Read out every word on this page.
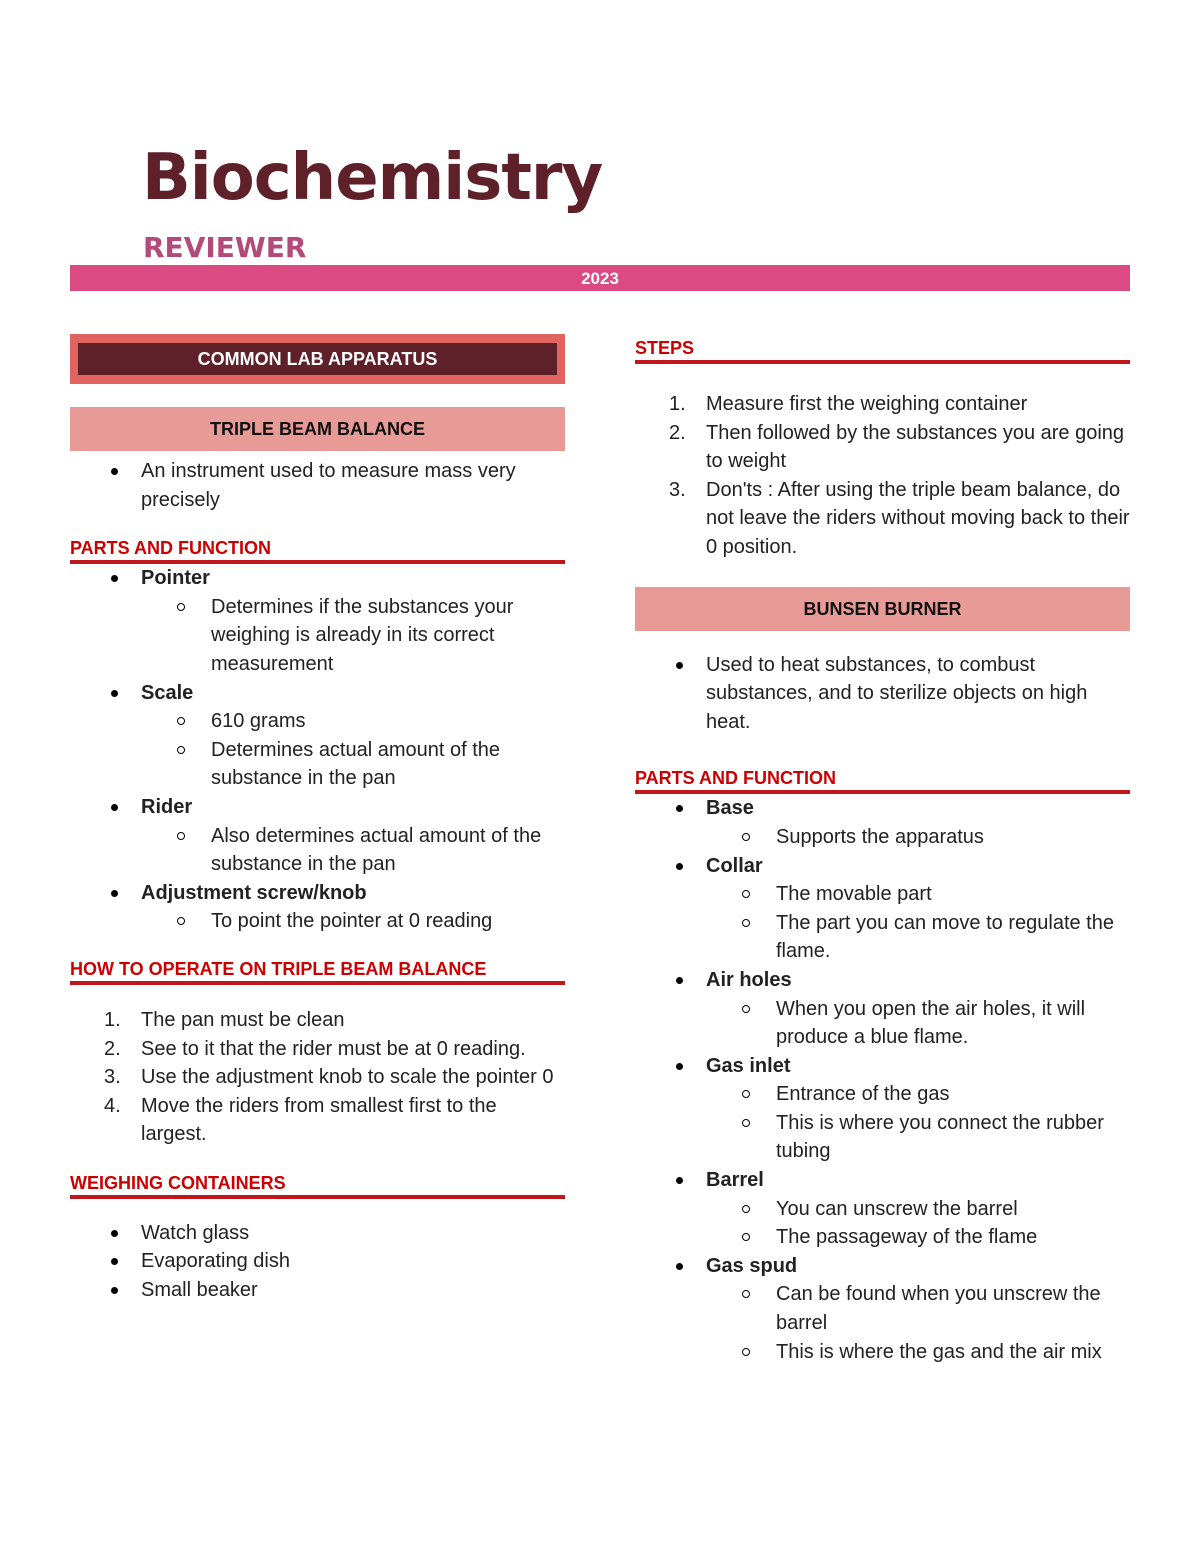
Biochemistry
REVIEWER
2023
COMMON LAB APPARATUS
TRIPLE BEAM BALANCE
An instrument used to measure mass very precisely
PARTS AND FUNCTION
Pointer
Determines if the substances your weighing is already in its correct measurement
Scale
610 grams
Determines actual amount of the substance in the pan
Rider
Also determines actual amount of the substance in the pan
Adjustment screw/knob
To point the pointer at 0 reading
HOW TO OPERATE ON TRIPLE BEAM BALANCE
1. The pan must be clean
2. See to it that the rider must be at 0 reading.
3. Use the adjustment knob to scale the pointer 0
4. Move the riders from smallest first to the largest.
WEIGHING CONTAINERS
Watch glass
Evaporating dish
Small beaker
STEPS
1. Measure first the weighing container
2. Then followed by the substances you are going to weight
3. Don'ts : After using the triple beam balance, do not leave the riders without moving back to their 0 position.
BUNSEN BURNER
Used to heat substances, to combust substances, and to sterilize objects on high heat.
PARTS AND FUNCTION
Base
Supports the apparatus
Collar
The movable part
The part you can move to regulate the flame.
Air holes
When you open the air holes, it will produce a blue flame.
Gas inlet
Entrance of the gas
This is where you connect the rubber tubing
Barrel
You can unscrew the barrel
The passageway of the flame
Gas spud
Can be found when you unscrew the barrel
This is where the gas and the air mix
